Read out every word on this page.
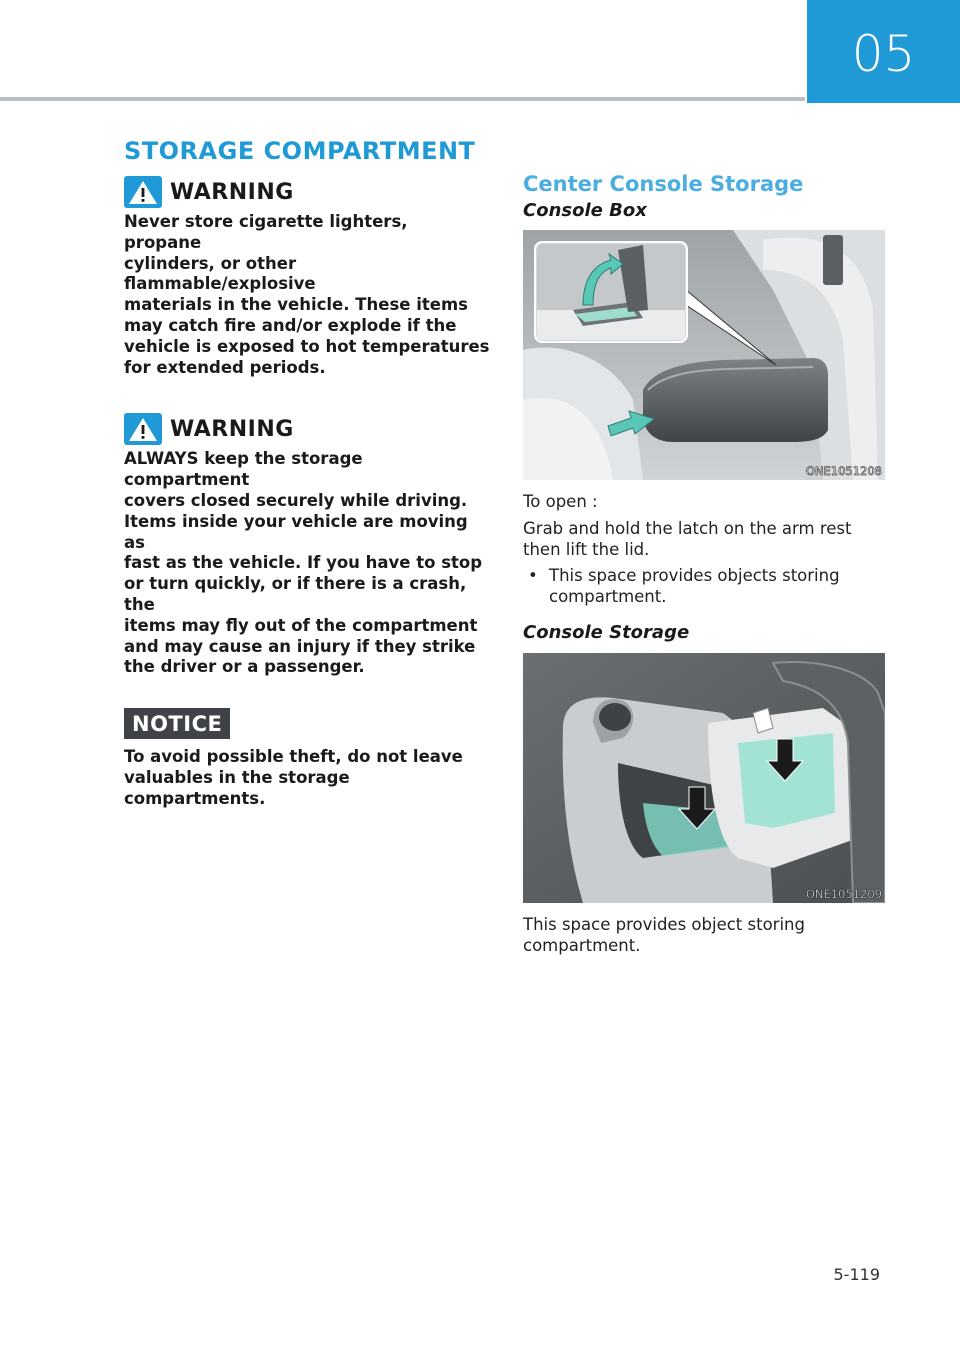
05
STORAGE COMPARTMENT
WARNING
Never store cigarette lighters, propane
cylinders, or other flammable/explosive
materials in the vehicle. These items
may catch fire and/or explode if the
vehicle is exposed to hot temperatures
for extended periods.
WARNING
ALWAYS keep the storage compartment
covers closed securely while driving.
Items inside your vehicle are moving as
fast as the vehicle. If you have to stop
or turn quickly, or if there is a crash, the
items may fly out of the compartment
and may cause an injury if they strike
the driver or a passenger.
NOTICE
To avoid possible theft, do not leave
valuables in the storage compartments.
Center Console Storage
Console Box
ONE1051208
To open :
Grab and hold the latch on the arm rest
then lift the lid.
• This space provides objects storing
compartment.
Console Storage
ONE1051209
This space provides object storing
compartment.
5-119
